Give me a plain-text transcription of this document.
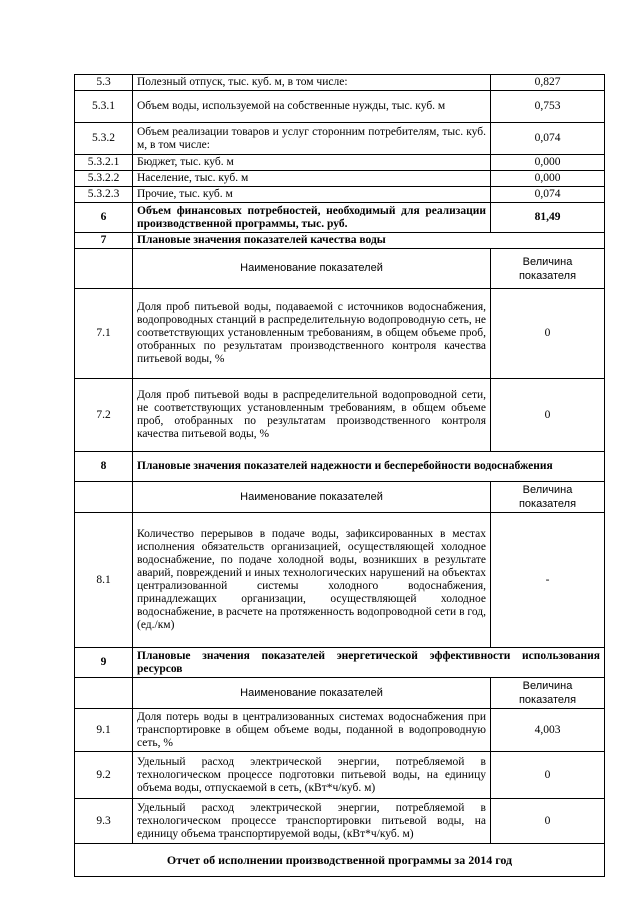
5.3	Полезный отпуск, тыс. куб. м, в том числе:	0,827
5.3.1	Объем воды, используемой на собственные нужды, тыс. куб. м	0,753
5.3.2	Объем реализации товаров и услуг сторонним потребителям, тыс. куб. м, в том числе:	0,074
5.3.2.1	Бюджет, тыс. куб. м	0,000
5.3.2.2	Население, тыс. куб. м	0,000
5.3.2.3	Прочие, тыс. куб. м	0,074
6	Объем финансовых потребностей, необходимый для реализации производственной программы, тыс. руб.	81,49
7	Плановые значения показателей качества воды	
	Наименование показателей	Величина показателя
7.1	Доля проб питьевой воды, подаваемой с источников водоснабжения, водопроводных станций в распределительную водопроводную сеть, не соответствующих установленным требованиям, в общем объеме проб, отобранных по результатам производственного контроля качества питьевой воды, %	0
7.2	Доля проб питьевой воды в распределительной водопроводной сети, не соответствующих установленным требованиям, в общем объеме проб, отобранных по результатам производственного контроля качества питьевой воды, %	0
8	Плановые значения показателей надежности и бесперебойности водоснабжения	
	Наименование показателей	Величина показателя
8.1	Количество перерывов в подаче воды, зафиксированных в местах исполнения обязательств организацией, осуществляющей холодное водоснабжение, по подаче холодной воды, возникших в результате аварий, повреждений и иных технологических нарушений на объектах централизованной системы холодного водоснабжения, принадлежащих организации, осуществляющей холодное водоснабжение, в расчете на протяженность водопроводной сети в год, (ед./км)	-
9	Плановые значения показателей энергетической эффективности использования ресурсов	
	Наименование показателей	Величина показателя
9.1	Доля потерь воды в централизованных системах водоснабжения при транспортировке в общем объеме воды, поданной в водопроводную сеть, %	4,003
9.2	Удельный расход электрической энергии, потребляемой в технологическом процессе подготовки питьевой воды, на единицу объема воды, отпускаемой в сеть, (кВт*ч/куб. м)	0
9.3	Удельный расход электрической энергии, потребляемой в технологическом процессе транспортировки питьевой воды, на единицу объема транспортируемой воды, (кВт*ч/куб. м)	0
Отчет об исполнении производственной программы за 2014 год		
